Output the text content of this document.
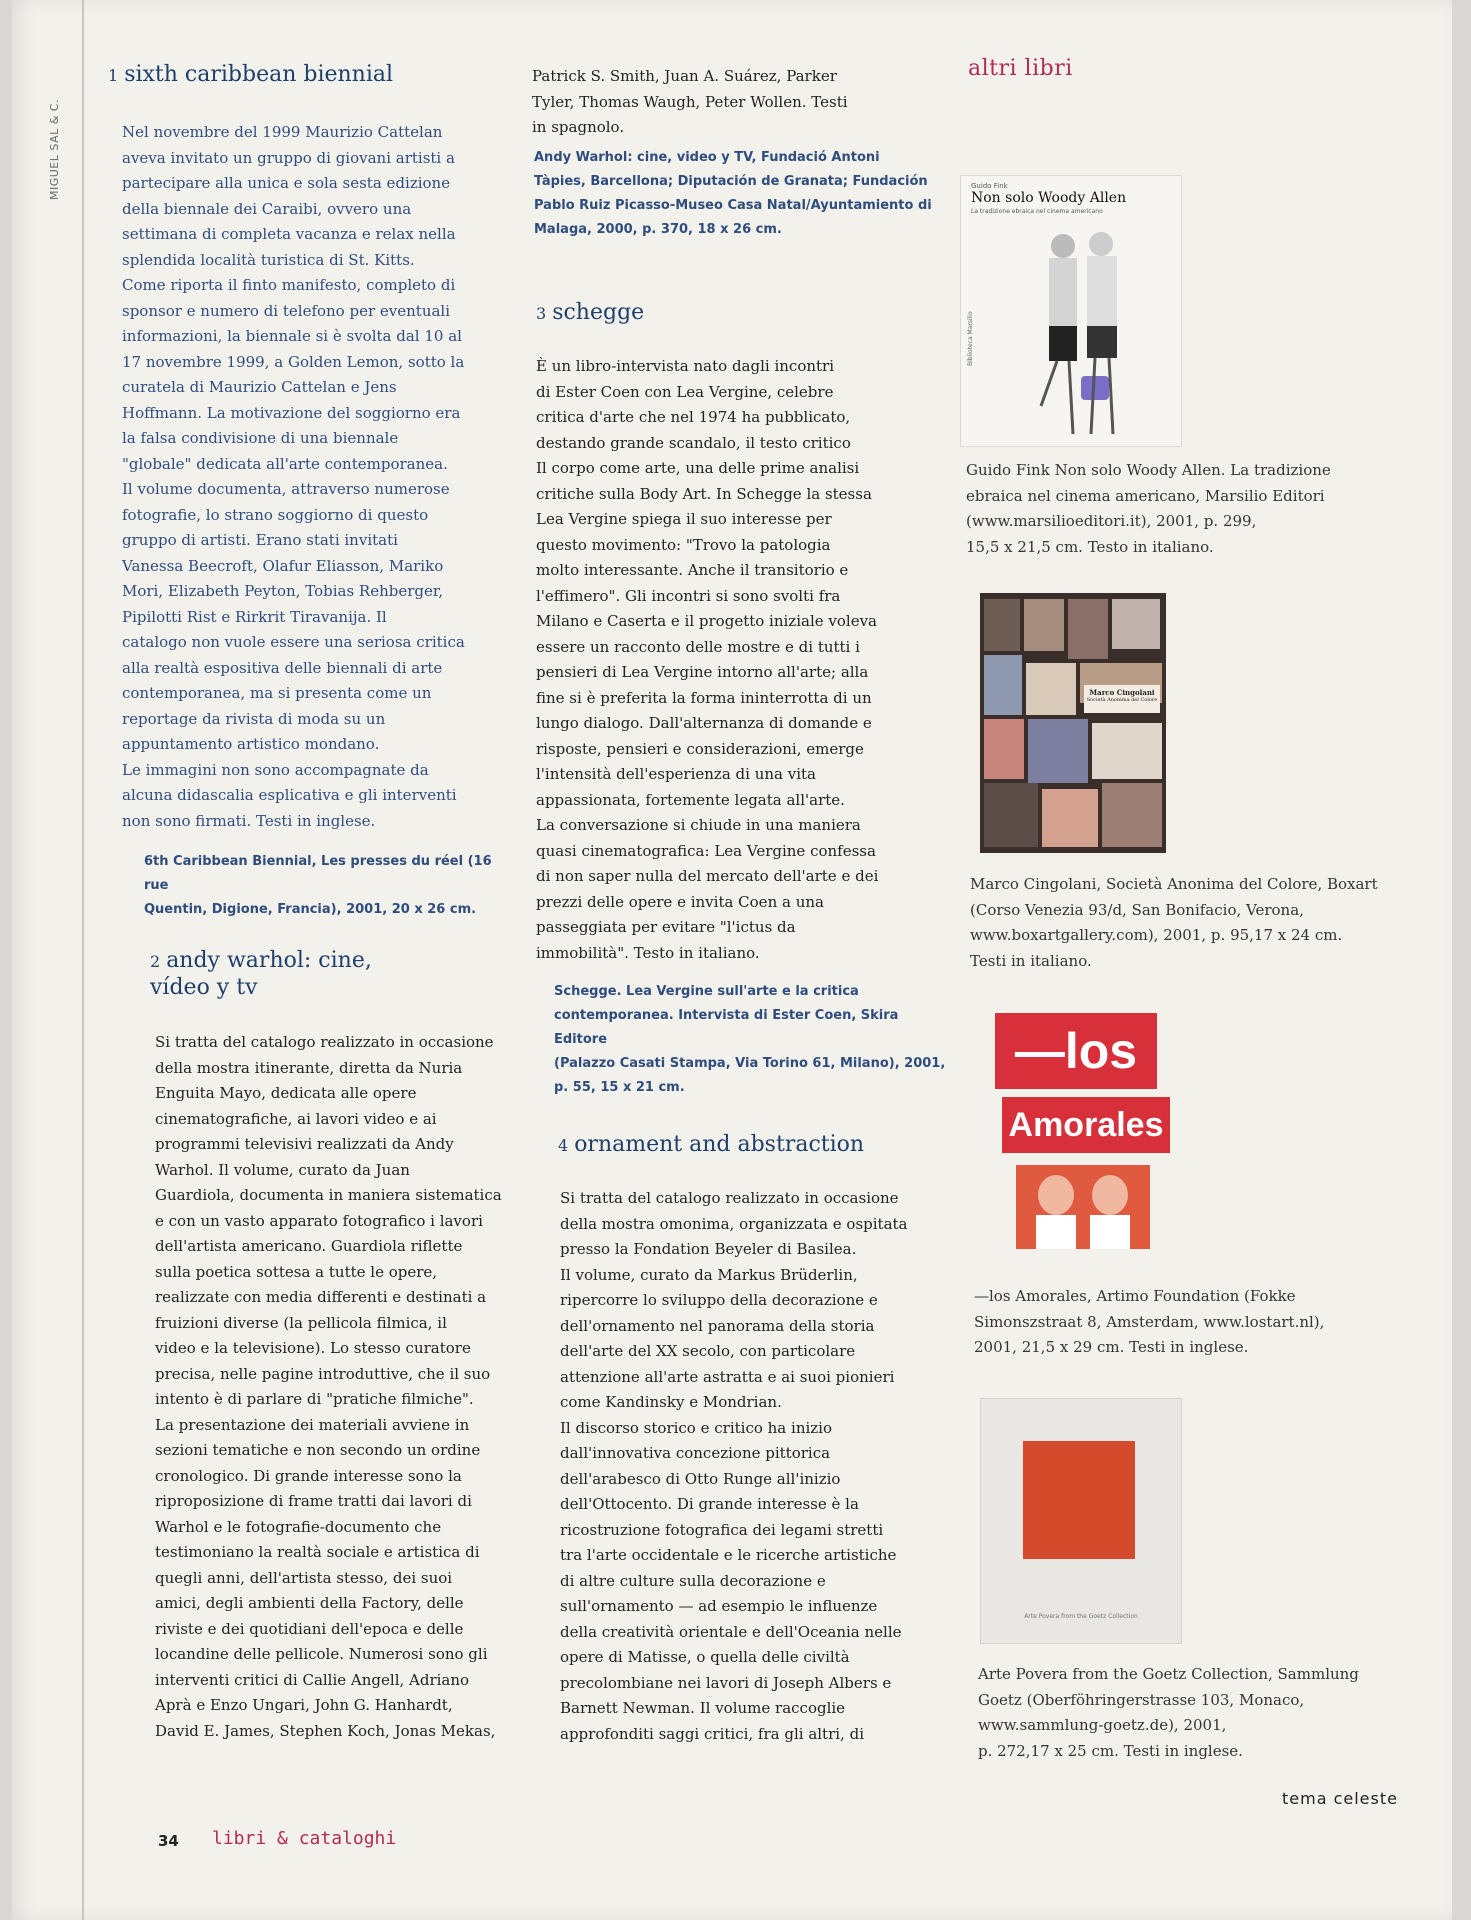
MIGUEL SAL & C.
1 sixth caribbean biennial
Nel novembre del 1999 Maurizio Cattelan
aveva invitato un gruppo di giovani artisti a
partecipare alla unica e sola sesta edizione
della biennale dei Caraibi, ovvero una
settimana di completa vacanza e relax nella
splendida località turistica di St. Kitts.
Come riporta il finto manifesto, completo di
sponsor e numero di telefono per eventuali
informazioni, la biennale si è svolta dal 10 al
17 novembre 1999, a Golden Lemon, sotto la
curatela di Maurizio Cattelan e Jens
Hoffmann. La motivazione del soggiorno era
la falsa condivisione di una biennale
"globale" dedicata all'arte contemporanea.
Il volume documenta, attraverso numerose
fotografie, lo strano soggiorno di questo
gruppo di artisti. Erano stati invitati
Vanessa Beecroft, Olafur Eliasson, Mariko
Mori, Elizabeth Peyton, Tobias Rehberger,
Pipilotti Rist e Rirkrit Tiravanija. Il
catalogo non vuole essere una seriosa critica
alla realtà espositiva delle biennali di arte
contemporanea, ma si presenta come un
reportage da rivista di moda su un
appuntamento artistico mondano.
Le immagini non sono accompagnate da
alcuna didascalia esplicativa e gli interventi
non sono firmati. Testi in inglese.
6th Caribbean Biennial, Les presses du réel (16 rue
Quentin, Digione, Francia), 2001, 20 x 26 cm.
2 andy warhol: cine,
vídeo y tv
Si tratta del catalogo realizzato in occasione
della mostra itinerante, diretta da Nuria
Enguita Mayo, dedicata alle opere
cinematografiche, ai lavori video e ai
programmi televisivi realizzati da Andy
Warhol. Il volume, curato da Juan
Guardiola, documenta in maniera sistematica
e con un vasto apparato fotografico i lavori
dell'artista americano. Guardiola riflette
sulla poetica sottesa a tutte le opere,
realizzate con media differenti e destinati a
fruizioni diverse (la pellicola filmica, il
video e la televisione). Lo stesso curatore
precisa, nelle pagine introduttive, che il suo
intento è di parlare di "pratiche filmiche".
La presentazione dei materiali avviene in
sezioni tematiche e non secondo un ordine
cronologico. Di grande interesse sono la
riproposizione di frame tratti dai lavori di
Warhol e le fotografie-documento che
testimoniano la realtà sociale e artistica di
quegli anni, dell'artista stesso, dei suoi
amici, degli ambienti della Factory, delle
riviste e dei quotidiani dell'epoca e delle
locandine delle pellicole. Numerosi sono gli
interventi critici di Callie Angell, Adriano
Aprà e Enzo Ungari, John G. Hanhardt,
David E. James, Stephen Koch, Jonas Mekas,
Patrick S. Smith, Juan A. Suárez, Parker
Tyler, Thomas Waugh, Peter Wollen. Testi
in spagnolo.
Andy Warhol: cine, video y TV, Fundació Antoni
Tàpies, Barcellona; Diputación de Granata; Fundación
Pablo Ruiz Picasso-Museo Casa Natal/Ayuntamiento di
Malaga, 2000, p. 370, 18 x 26 cm.
3 schegge
È un libro-intervista nato dagli incontri
di Ester Coen con Lea Vergine, celebre
critica d'arte che nel 1974 ha pubblicato,
destando grande scandalo, il testo critico
Il corpo come arte, una delle prime analisi
critiche sulla Body Art. In Schegge la stessa
Lea Vergine spiega il suo interesse per
questo movimento: "Trovo la patologia
molto interessante. Anche il transitorio e
l'effimero". Gli incontri si sono svolti fra
Milano e Caserta e il progetto iniziale voleva
essere un racconto delle mostre e di tutti i
pensieri di Lea Vergine intorno all'arte; alla
fine si è preferita la forma ininterrotta di un
lungo dialogo. Dall'alternanza di domande e
risposte, pensieri e considerazioni, emerge
l'intensità dell'esperienza di una vita
appassionata, fortemente legata all'arte.
La conversazione si chiude in una maniera
quasi cinematografica: Lea Vergine confessa
di non saper nulla del mercato dell'arte e dei
prezzi delle opere e invita Coen a una
passeggiata per evitare "l'ictus da
immobilità". Testo in italiano.
Schegge. Lea Vergine sull'arte e la critica
contemporanea. Intervista di Ester Coen, Skira Editore
(Palazzo Casati Stampa, Via Torino 61, Milano), 2001,
p. 55, 15 x 21 cm.
4 ornament and abstraction
Si tratta del catalogo realizzato in occasione
della mostra omonima, organizzata e ospitata
presso la Fondation Beyeler di Basilea.
Il volume, curato da Markus Brüderlin,
ripercorre lo sviluppo della decorazione e
dell'ornamento nel panorama della storia
dell'arte del XX secolo, con particolare
attenzione all'arte astratta e ai suoi pionieri
come Kandinsky e Mondrian.
Il discorso storico e critico ha inizio
dall'innovativa concezione pittorica
dell'arabesco di Otto Runge all'inizio
dell'Ottocento. Di grande interesse è la
ricostruzione fotografica dei legami stretti
tra l'arte occidentale e le ricerche artistiche
di altre culture sulla decorazione e
sull'ornamento — ad esempio le influenze
della creatività orientale e dell'Oceania nelle
opere di Matisse, o quella delle civiltà
precolombiane nei lavori di Joseph Albers e
Barnett Newman. Il volume raccoglie
approfonditi saggi critici, fra gli altri, di
altri libri
Guido Fink
Non solo Woody Allen
La tradizione ebraica nel cinema americano
Biblioteca Marsilio
Guido Fink Non solo Woody Allen. La tradizione
ebraica nel cinema americano, Marsilio Editori
(www.marsilioeditori.it), 2001, p. 299,
15,5 x 21,5 cm. Testo in italiano.
Marco Cingolani
Società Anonima del Colore
Marco Cingolani, Società Anonima del Colore, Boxart
(Corso Venezia 93/d, San Bonifacio, Verona,
www.boxartgallery.com), 2001, p. 95,17 x 24 cm.
Testi in italiano.
—los
Amorales
—los Amorales, Artimo Foundation (Fokke
Simonszstraat 8, Amsterdam, www.lostart.nl),
2001, 21,5 x 29 cm. Testi in inglese.
Arte Povera from the Goetz Collection
Arte Povera from the Goetz Collection, Sammlung
Goetz (Oberföhringerstrasse 103, Monaco,
www.sammlung-goetz.de), 2001,
p. 272,17 x 25 cm. Testi in inglese.
34 libri & cataloghi
tema celeste
